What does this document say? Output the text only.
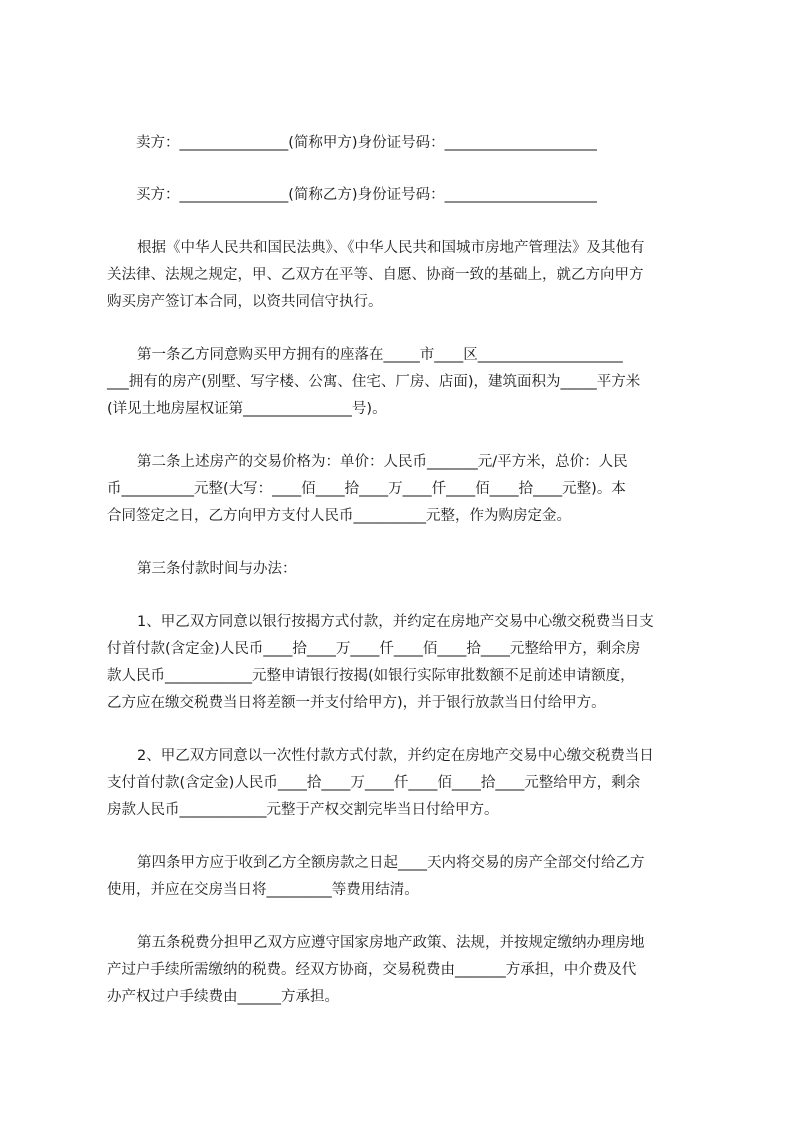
卖方：_______________(简称甲方)身份证号码：_____________________
买方：_______________(简称乙方)身份证号码：_____________________
根据《中华人民共和国民法典》、《中华人民共和国城市房地产管理法》及其他有
关法律、法规之规定，甲、乙双方在平等、自愿、协商一致的基础上，就乙方向甲方
购买房产签订本合同，以资共同信守执行。
第一条乙方同意购买甲方拥有的座落在_____市____区____________________
___拥有的房产(别墅、写字楼、公寓、住宅、厂房、店面)，建筑面积为_____平方米
(详见土地房屋权证第_______________号)。
第二条上述房产的交易价格为：单价：人民币_______元/平方米，总价：人民
币__________元整(大写：____佰____拾____万____仟____佰____拾____元整)。本
合同签定之日，乙方向甲方支付人民币__________元整，作为购房定金。
第三条付款时间与办法：
1、甲乙双方同意以银行按揭方式付款，并约定在房地产交易中心缴交税费当日支
付首付款(含定金)人民币____拾____万____仟____佰____拾____元整给甲方，剩余房
款人民币____________元整申请银行按揭(如银行实际审批数额不足前述申请额度，
乙方应在缴交税费当日将差额一并支付给甲方)，并于银行放款当日付给甲方。
2、甲乙双方同意以一次性付款方式付款，并约定在房地产交易中心缴交税费当日
支付首付款(含定金)人民币____拾____万____仟____佰____拾____元整给甲方，剩余
房款人民币____________元整于产权交割完毕当日付给甲方。
第四条甲方应于收到乙方全额房款之日起____天内将交易的房产全部交付给乙方
使用，并应在交房当日将_________等费用结清。
第五条税费分担甲乙双方应遵守国家房地产政策、法规，并按规定缴纳办理房地
产过户手续所需缴纳的税费。经双方协商，交易税费由_______方承担，中介费及代
办产权过户手续费由______方承担。
